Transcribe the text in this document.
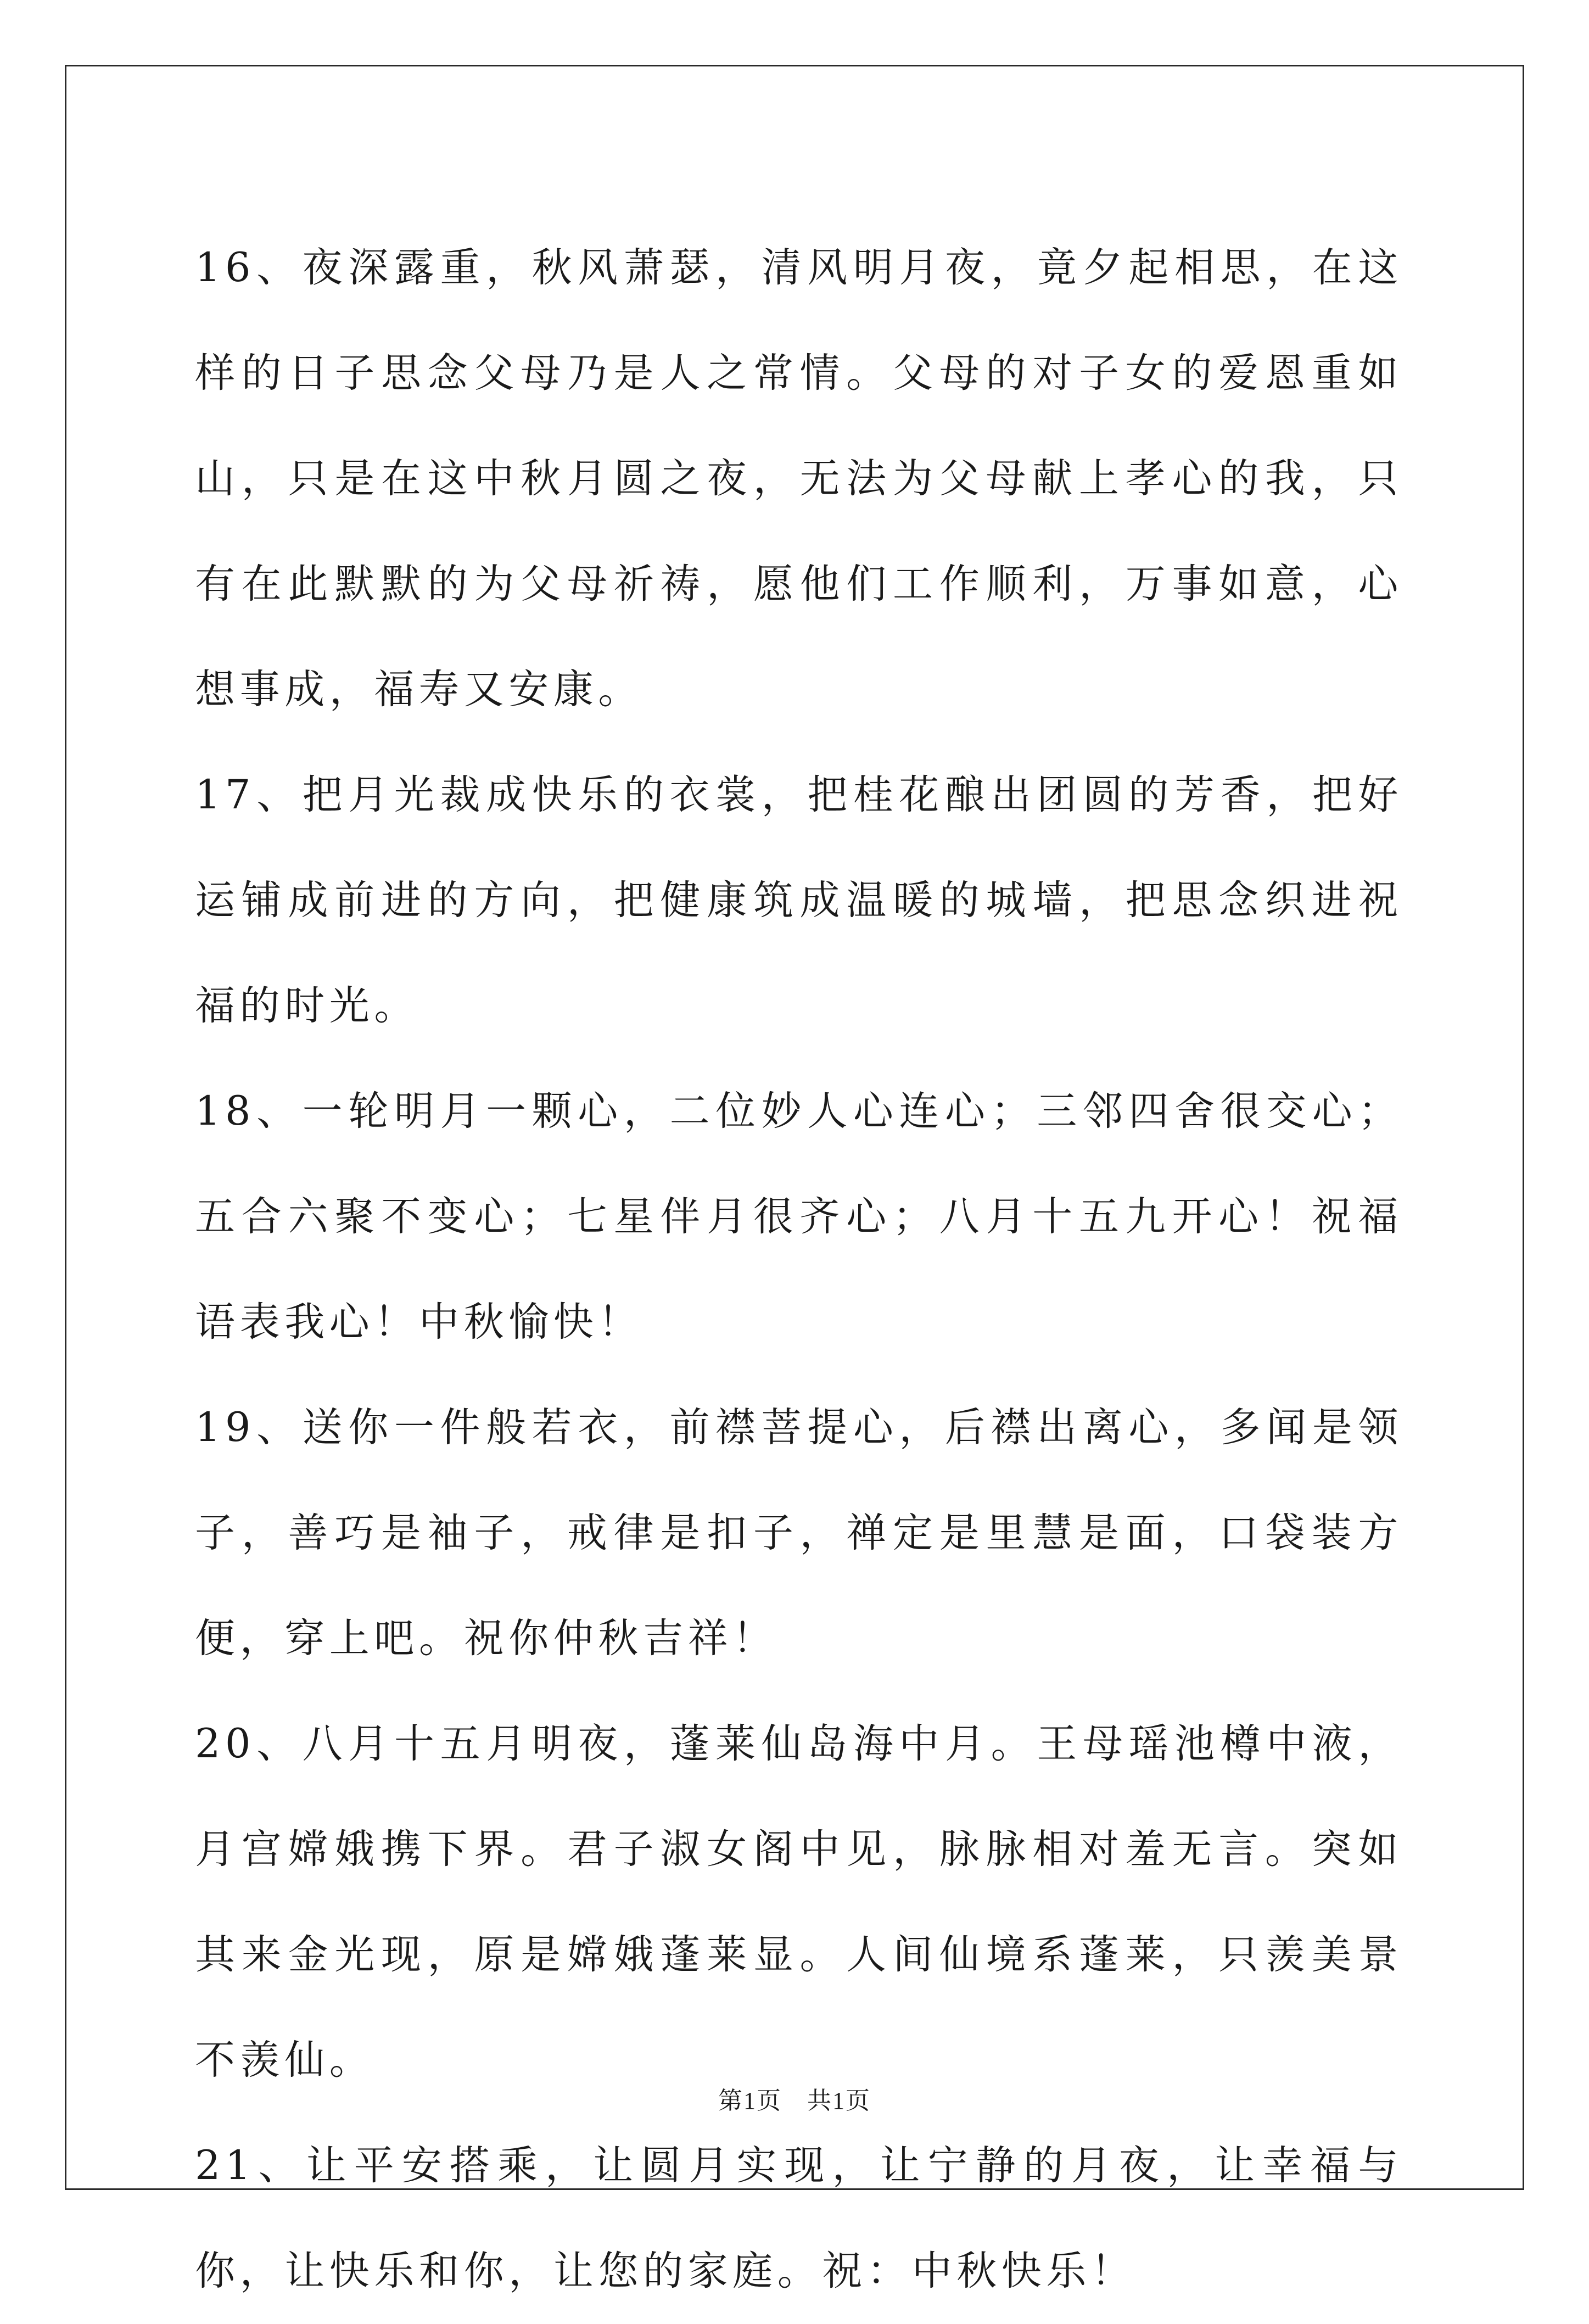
16、夜深露重，秋风萧瑟，清风明月夜，竟夕起相思，在这样的日子思念父母乃是人之常情。父母的对子女的爱恩重如山，只是在这中秋月圆之夜，无法为父母献上孝心的我，只有在此默默的为父母祈祷，愿他们工作顺利，万事如意，心想事成，福寿又安康。

17、把月光裁成快乐的衣裳，把桂花酿出团圆的芳香，把好运铺成前进的方向，把健康筑成温暖的城墙，把思念织进祝福的时光。

18、一轮明月一颗心，二位妙人心连心；三邻四舍很交心；五合六聚不变心；七星伴月很齐心；八月十五九开心！祝福语表我心！中秋愉快！

19、送你一件般若衣，前襟菩提心，后襟出离心，多闻是领子，善巧是袖子，戒律是扣子，禅定是里慧是面，口袋装方便，穿上吧。祝你仲秋吉祥！

20、八月十五月明夜，蓬莱仙岛海中月。王母瑶池樽中液，月宫嫦娥携下界。君子淑女阁中见，脉脉相对羞无言。突如其来金光现，原是嫦娥蓬莱显。人间仙境系蓬莱，只羡美景不羡仙。

21、让平安搭乘，让圆月实现，让宁静的月夜，让幸福与你，让快乐和你，让您的家庭。祝：中秋快乐！

第1页 共1页
